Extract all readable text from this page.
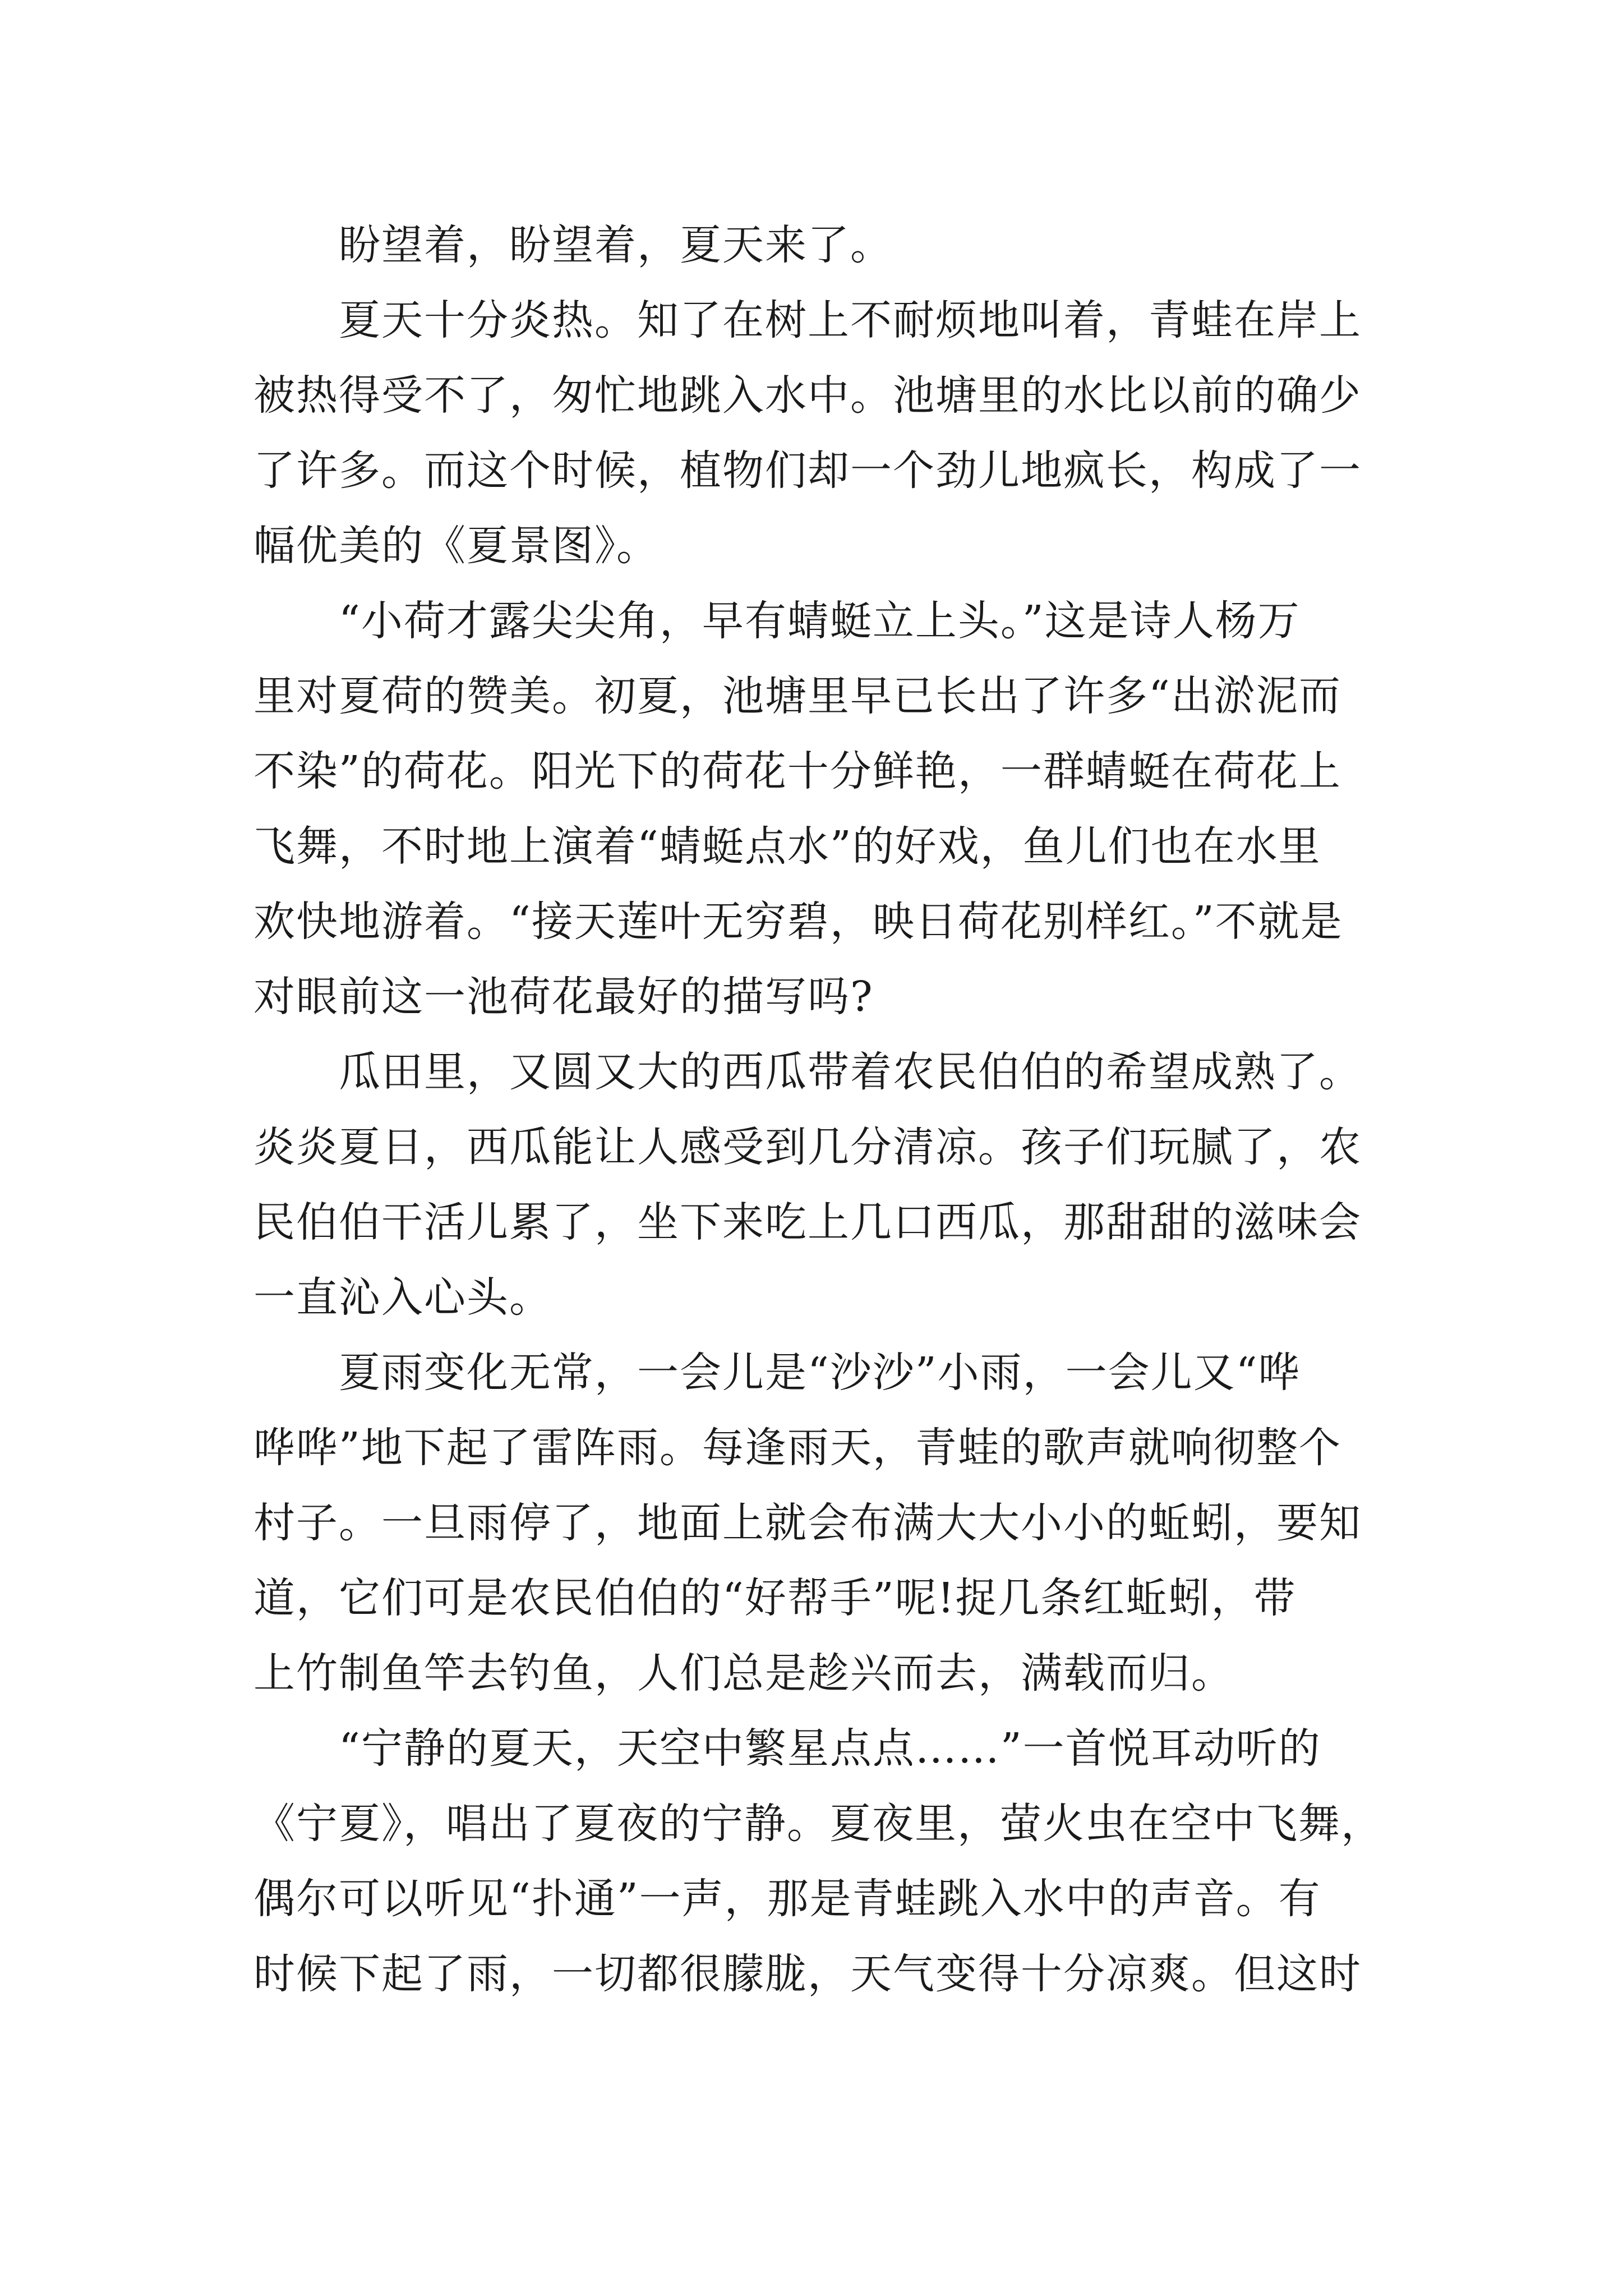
　　盼望着，盼望着，夏天来了。
　　夏天十分炎热。知了在树上不耐烦地叫着，青蛙在岸上
被热得受不了，匆忙地跳入水中。池塘里的水比以前的确少
了许多。而这个时候，植物们却一个劲儿地疯长，构成了一
幅优美的《夏景图》。
　　“小荷才露尖尖角，早有蜻蜓立上头。”这是诗人杨万
里对夏荷的赞美。初夏，池塘里早已长出了许多“出淤泥而
不染”的荷花。阳光下的荷花十分鲜艳，一群蜻蜓在荷花上
飞舞，不时地上演着“蜻蜓点水”的好戏，鱼儿们也在水里
欢快地游着。“接天莲叶无穷碧，映日荷花别样红。”不就是
对眼前这一池荷花最好的描写吗?
　　瓜田里，又圆又大的西瓜带着农民伯伯的希望成熟了。
炎炎夏日，西瓜能让人感受到几分清凉。孩子们玩腻了，农
民伯伯干活儿累了，坐下来吃上几口西瓜，那甜甜的滋味会
一直沁入心头。
　　夏雨变化无常，一会儿是“沙沙”小雨，一会儿又“哗
哗哗”地下起了雷阵雨。每逢雨天，青蛙的歌声就响彻整个
村子。一旦雨停了，地面上就会布满大大小小的蚯蚓，要知
道，它们可是农民伯伯的“好帮手”呢!捉几条红蚯蚓，带
上竹制鱼竿去钓鱼，人们总是趁兴而去，满载而归。
　　“宁静的夏天，天空中繁星点点……”一首悦耳动听的
《宁夏》，唱出了夏夜的宁静。夏夜里，萤火虫在空中飞舞，
偶尔可以听见“扑通”一声，那是青蛙跳入水中的声音。有
时候下起了雨，一切都很朦胧，天气变得十分凉爽。但这时
